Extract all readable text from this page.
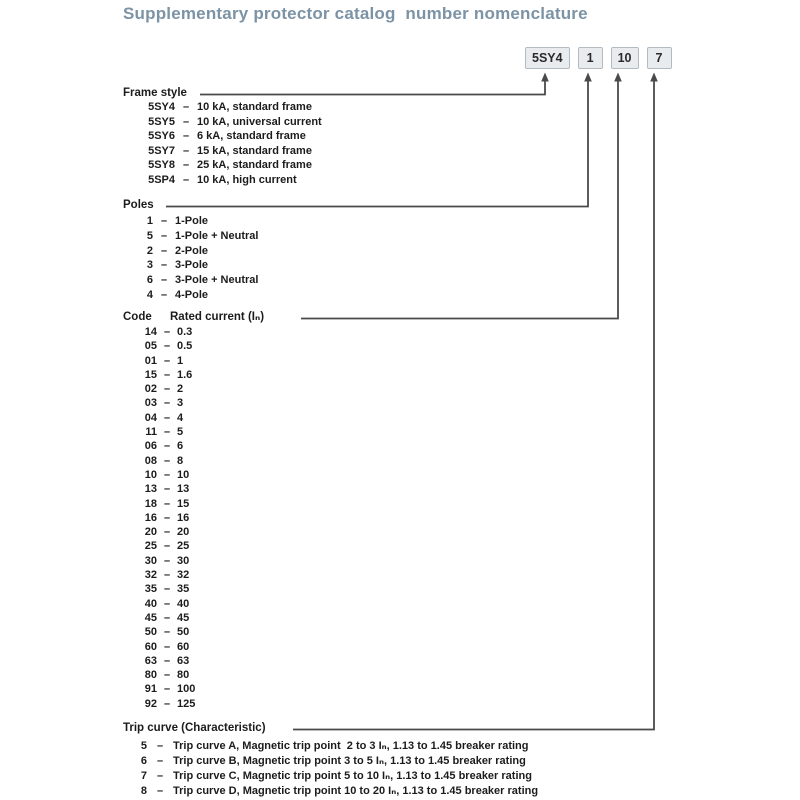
Supplementary protector catalog  number nomenclature
5SY4	1	10	7
Frame style
5SY4 – 10 kA, standard frame
5SY5 – 10 kA, universal current
5SY6 – 6 kA, standard frame
5SY7 – 15 kA, standard frame
5SY8 – 25 kA, standard frame
5SP4 – 10 kA, high current
Poles
1 – 1-Pole
5 – 1-Pole + Neutral
2 – 2-Pole
3 – 3-Pole
6 – 3-Pole + Neutral
4 – 4-Pole
Code	Rated current (Iₙ)
14 – 0.3
05 – 0.5
01 – 1
15 – 1.6
02 – 2
03 – 3
04 – 4
11 – 5
06 – 6
08 – 8
10 – 10
13 – 13
18 – 15
16 – 16
20 – 20
25 – 25
30 – 30
32 – 32
35 – 35
40 – 40
45 – 45
50 – 50
60 – 60
63 – 63
80 – 80
91 – 100
92 – 125
Trip curve (Characteristic)
5 – Trip curve A, Magnetic trip point  2 to 3 Iₙ, 1.13 to 1.45 breaker rating
6 – Trip curve B, Magnetic trip point 3 to 5 Iₙ, 1.13 to 1.45 breaker rating
7 – Trip curve C, Magnetic trip point 5 to 10 Iₙ, 1.13 to 1.45 breaker rating
8 – Trip curve D, Magnetic trip point 10 to 20 Iₙ, 1.13 to 1.45 breaker rating
